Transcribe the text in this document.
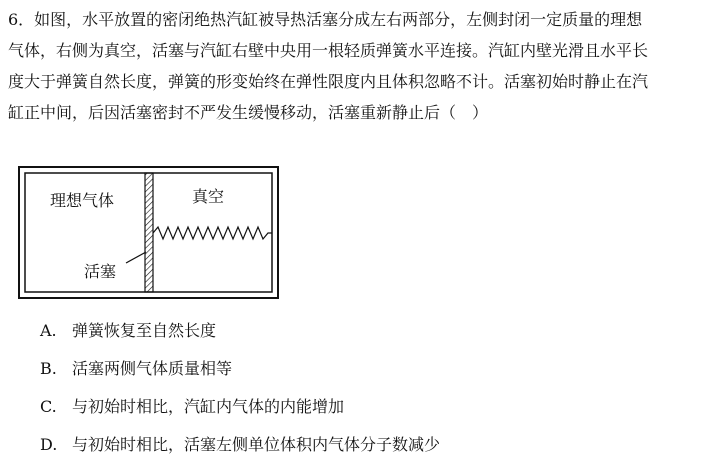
6．如图，水平放置的密闭绝热汽缸被导热活塞分成左右两部分，左侧封闭一定质量的理想
气体，右侧为真空，活塞与汽缸右壁中央用一根轻质弹簧水平连接。汽缸内壁光滑且水平长
度大于弹簧自然长度，弹簧的形变始终在弹性限度内且体积忽略不计。活塞初始时静止在汽
缸正中间，后因活塞密封不严发生缓慢移动，活塞重新静止后（　）
理想气体	真空
活塞
A. 弹簧恢复至自然长度
B. 活塞两侧气体质量相等
C. 与初始时相比，汽缸内气体的内能增加
D. 与初始时相比，活塞左侧单位体积内气体分子数减少
